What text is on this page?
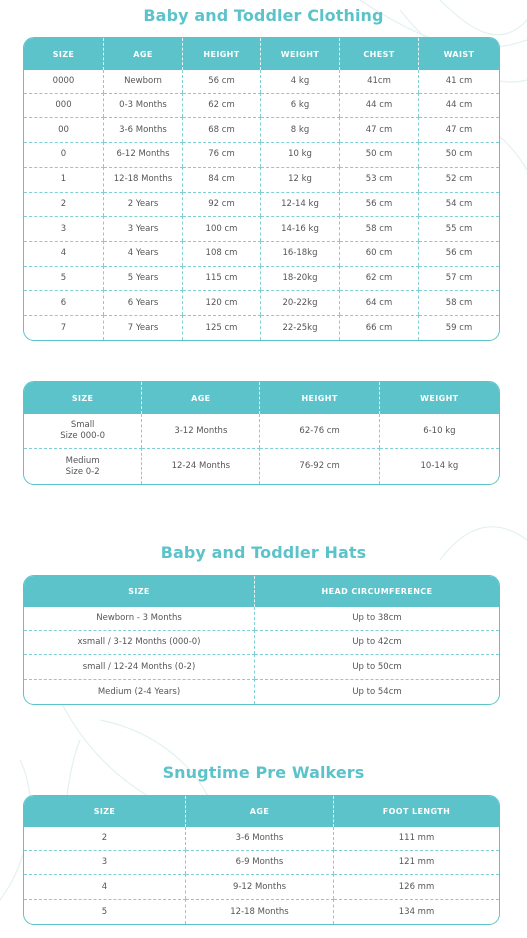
Baby and Toddler Clothing
SIZE	AGE	HEIGHT	WEIGHT	CHEST	WAIST
0000	Newborn	56 cm	4 kg	41cm	41 cm
000	0-3 Months	62 cm	6 kg	44 cm	44 cm
00	3-6 Months	68 cm	8 kg	47 cm	47 cm
0	6-12 Months	76 cm	10 kg	50 cm	50 cm
1	12-18 Months	84 cm	12 kg	53 cm	52 cm
2	2 Years	92 cm	12-14 kg	56 cm	54 cm
3	3 Years	100 cm	14-16 kg	58 cm	55 cm
4	4 Years	108 cm	16-18kg	60 cm	56 cm
5	5 Years	115 cm	18-20kg	62 cm	57 cm
6	6 Years	120 cm	20-22kg	64 cm	58 cm
7	7 Years	125 cm	22-25kg	66 cm	59 cm
SIZE	AGE	HEIGHT	WEIGHT

Small
Size 000-0	3-12 Months	62-76 cm	6-10 kg

Medium
Size 0-2	12-24 Months	76-92 cm	10-14 kg
Baby and Toddler Hats
SIZE	HEAD CIRCUMFERENCE
Newborn - 3 Months	Up to 38cm
xsmall / 3-12 Months (000-0)	Up to 42cm
small / 12-24 Months (0-2)	Up to 50cm
Medium (2-4 Years)	Up to 54cm
Snugtime Pre Walkers
SIZE	AGE	FOOT LENGTH
2	3-6 Months	111 mm
3	6-9 Months	121 mm
4	9-12 Months	126 mm
5	12-18 Months	134 mm
